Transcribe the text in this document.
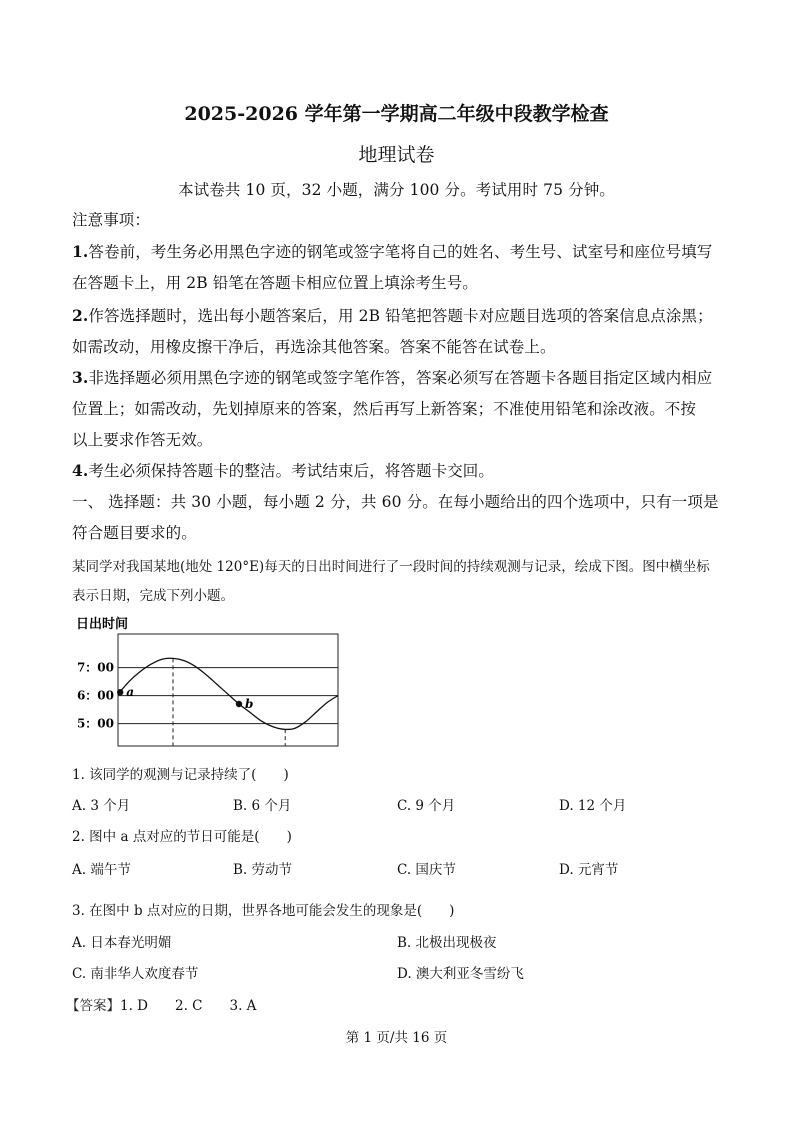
2025-2026 学年第一学期高二年级中段教学检查
地理试卷
本试卷共 10 页，32 小题，满分 100 分。考试用时 75 分钟。
注意事项：
1.答卷前，考生务必用黑色字迹的钢笔或签字笔将自己的姓名、考生号、试室号和座位号填写
在答题卡上，用 2B 铅笔在答题卡相应位置上填涂考生号。
2.作答选择题时，选出每小题答案后，用 2B 铅笔把答题卡对应题目选项的答案信息点涂黑；
如需改动，用橡皮擦干净后，再选涂其他答案。答案不能答在试卷上。
3.非选择题必须用黑色字迹的钢笔或签字笔作答，答案必须写在答题卡各题目指定区域内相应
位置上；如需改动，先划掉原来的答案，然后再写上新答案；不准使用铅笔和涂改液。不按
以上要求作答无效。
4.考生必须保持答题卡的整洁。考试结束后，将答题卡交回。
一、 选择题：共 30 小题，每小题 2 分，共 60 分。在每小题给出的四个选项中，只有一项是
符合题目要求的。
某同学对我国某地(地处 120°E)每天的日出时间进行了一段时间的持续观测与记录，绘成下图。图中横坐标
表示日期，完成下列小题。
日出时间
7：00
6：00
5：00
a
b
1. 该同学的观测与记录持续了(　　)
A. 3 个月	B. 6 个月	C. 9 个月	D. 12 个月
2. 图中 a 点对应的节日可能是(　　)
A. 端午节	B. 劳动节	C. 国庆节	D. 元宵节
3. 在图中 b 点对应的日期，世界各地可能会发生的现象是(　　)
A. 日本春光明媚	B. 北极出现极夜
C. 南非华人欢度春节	D. 澳大利亚冬雪纷飞
【答案】1. D　　2. C　　3. A
第 1 页/共 16 页
